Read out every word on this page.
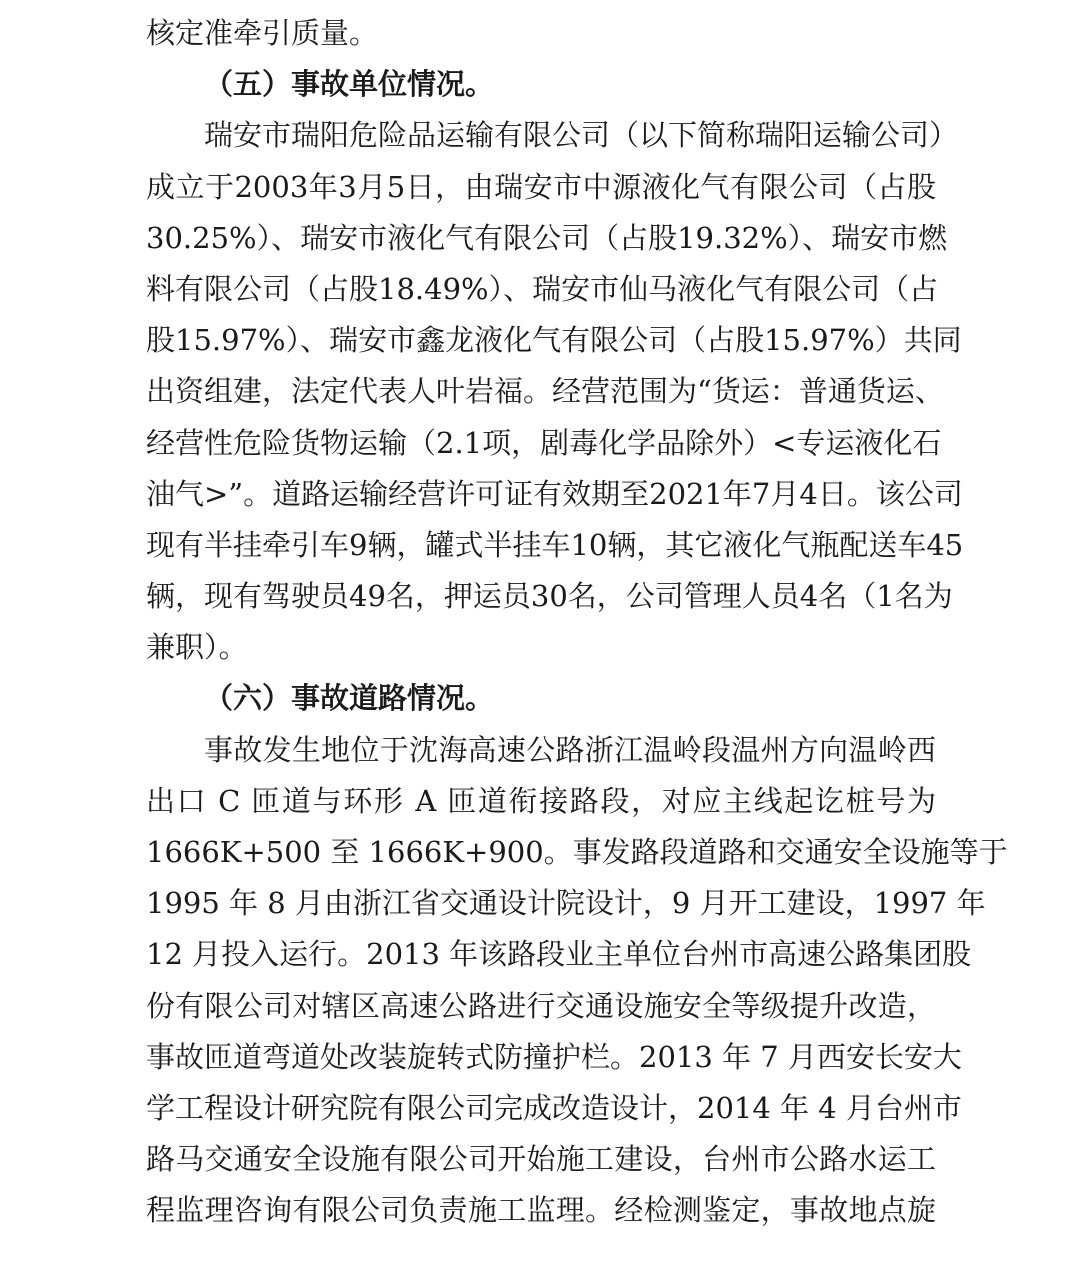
核定准牵引质量。
（五）事故单位情况。
瑞安市瑞阳危险品运输有限公司（以下简称瑞阳运输公司）
成立于2003年3月5日，由瑞安市中源液化气有限公司（占股
30.25%）、瑞安市液化气有限公司（占股19.32%）、瑞安市燃
料有限公司（占股18.49%）、瑞安市仙马液化气有限公司（占
股15.97%）、瑞安市鑫龙液化气有限公司（占股15.97%）共同
出资组建，法定代表人叶岩福。经营范围为“货运：普通货运、
经营性危险货物运输（2.1项，剧毒化学品除外）<专运液化石
油气>”。道路运输经营许可证有效期至2021年7月4日。该公司
现有半挂牵引车9辆，罐式半挂车10辆，其它液化气瓶配送车45
辆，现有驾驶员49名，押运员30名，公司管理人员4名（1名为
兼职）。
（六）事故道路情况。
事故发生地位于沈海高速公路浙江温岭段温州方向温岭西
出口 C 匝道与环形 A 匝道衔接路段，对应主线起讫桩号为
1666K+500 至 1666K+900。事发路段道路和交通安全设施等于
1995 年 8 月由浙江省交通设计院设计，9 月开工建设，1997 年
12 月投入运行。2013 年该路段业主单位台州市高速公路集团股
份有限公司对辖区高速公路进行交通设施安全等级提升改造，
事故匝道弯道处改装旋转式防撞护栏。2013 年 7 月西安长安大
学工程设计研究院有限公司完成改造设计，2014 年 4 月台州市
路马交通安全设施有限公司开始施工建设，台州市公路水运工
程监理咨询有限公司负责施工监理。经检测鉴定，事故地点旋
